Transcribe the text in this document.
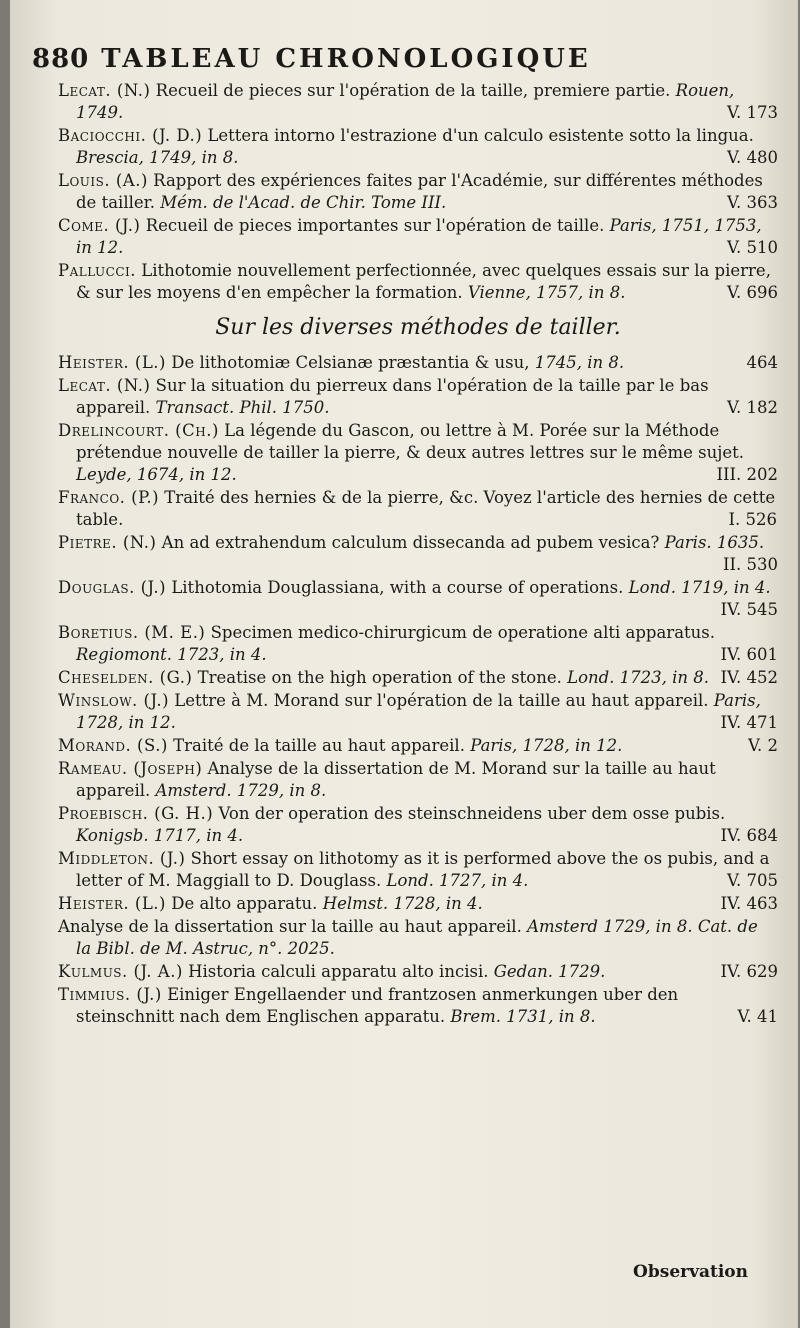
880 TABLEAU CHRONOLOGIQUE

Lecat. (N.) Recueil de pieces sur l'opération de la taille, premiere partie. Rouen, 1749.	V. 173

Baciocchi. (J. D.) Lettera intorno l'estrazione d'un calculo esistente sotto la lingua. Brescia, 1749, in 8.	V. 480

Louis. (A.) Rapport des expériences faites par l'Académie, sur différentes méthodes de tailler. Mém. de l'Acad. de Chir. Tome III.	V. 363

Come. (J.) Recueil de pieces importantes sur l'opération de taille. Paris, 1751, 1753, in 12.	V. 510

Pallucci. Lithotomie nouvellement perfectionnée, avec quelques essais sur la pierre, & sur les moyens d'en empêcher la formation. Vienne, 1757, in 8.	V. 696

Sur les diverses méthodes de tailler.

Heister. (L.) De lithotomiæ Celsianæ præstantia & usu, 1745, in 8.	464

Lecat. (N.) Sur la situation du pierreux dans l'opération de la taille par le bas appareil. Transact. Phil. 1750.	V. 182

Drelincourt. (Ch.) La légende du Gascon, ou lettre à M. Porée sur la Méthode prétendue nouvelle de tailler la pierre, & deux autres lettres sur le même sujet. Leyde, 1674, in 12.	III. 202

Franco. (P.) Traité des hernies & de la pierre, &c. Voyez l'article des hernies de cette table.	I. 526

Pietre. (N.) An ad extrahendum calculum dissecanda ad pubem vesica? Paris. 1635.
II. 530

Douglas. (J.) Lithotomia Douglassiana, with a course of operations. Lond. 1719, in 4.
IV. 545

Boretius. (M. E.) Specimen medico-chirurgicum de operatione alti apparatus. Regiomont. 1723, in 4.	IV. 601

Cheselden. (G.) Treatise on the high operation of the stone. Lond. 1723, in 8. IV. 452

Winslow. (J.) Lettre à M. Morand sur l'opération de la taille au haut appareil. Paris, 1728, in 12.	IV. 471

Morand. (S.) Traité de la taille au haut appareil. Paris, 1728, in 12.	V. 2

Rameau. (Joseph) Analyse de la dissertation de M. Morand sur la taille au haut appareil. Amsterd. 1729, in 8.

Proebisch. (G. H.) Von der operation des steinschneidens uber dem osse pubis. Konigsb. 1717, in 4.	IV. 684

Middleton. (J.) Short essay on lithotomy as it is performed above the os pubis, and a letter of M. Maggiall to D. Douglass. Lond. 1727, in 4.	V. 705

Heister. (L.) De alto apparatu. Helmst. 1728, in 4.	IV. 463

Analyse de la dissertation sur la taille au haut appareil. Amsterd 1729, in 8. Cat. de la Bibl. de M. Astruc, n°. 2025.

Kulmus. (J. A.) Historia calculi apparatu alto incisi. Gedan. 1729.	IV. 629

Timmius. (J.) Einiger Engellaender und frantzosen anmerkungen uber den steinschnitt nach dem Englischen apparatu. Brem. 1731, in 8.	V. 41

Observation
